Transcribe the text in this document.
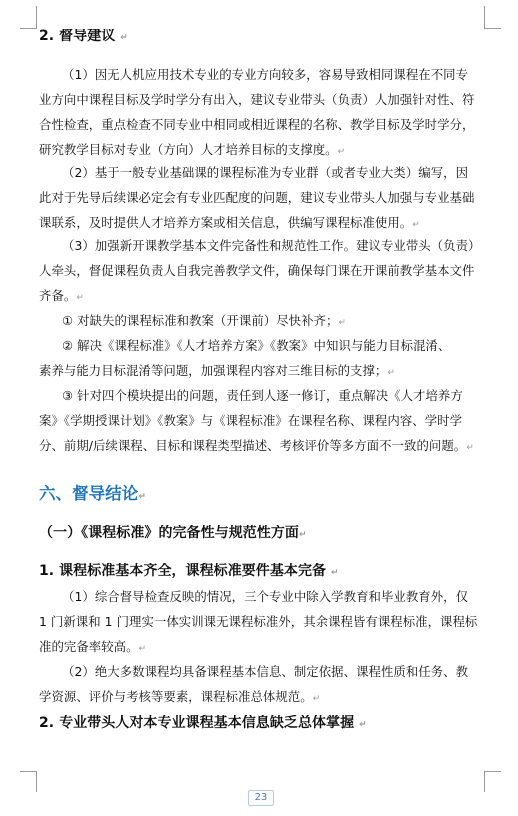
2. 督导建议 ↵
（1）因无人机应用技术专业的专业方向较多，容易导致相同课程在不同专
业方向中课程目标及学时学分有出入，建议专业带头（负责）人加强针对性、符
合性检查，重点检查不同专业中相同或相近课程的名称、教学目标及学时学分，
研究教学目标对专业（方向）人才培养目标的支撑度。↵
（2）基于一般专业基础课的课程标准为专业群（或者专业大类）编写，因
此对于先导后续课必定会有专业匹配度的问题，建议专业带头人加强与专业基础
课联系，及时提供人才培养方案或相关信息，供编写课程标准使用。↵
（3）加强新开课教学基本文件完备性和规范性工作。建议专业带头（负责）
人牵头，督促课程负责人自我完善教学文件，确保每门课在开课前教学基本文件
齐备。↵
① 对缺失的课程标准和教案（开课前）尽快补齐；↵
② 解决《课程标准》《人才培养方案》《教案》中知识与能力目标混淆、
素养与能力目标混淆等问题，加强课程内容对三维目标的支撑；↵
③ 针对四个模块提出的问题，责任到人逐一修订，重点解决《人才培养方
案》《学期授课计划》《教案》与《课程标准》在课程名称、课程内容、学时学
分、前期/后续课程、目标和课程类型描述、考核评价等多方面不一致的问题。↵
六、督导结论↵
（一）《课程标准》的完备性与规范性方面↵
1. 课程标准基本齐全，课程标准要件基本完备 ↵
（1）综合督导检查反映的情况，三个专业中除入学教育和毕业教育外，仅
1 门新课和 1 门理实一体实训课无课程标准外，其余课程皆有课程标准，课程标
准的完备率较高。↵
（2）绝大多数课程均具备课程基本信息、制定依据、课程性质和任务、教
学资源、评价与考核等要素，课程标准总体规范。↵
2. 专业带头人对本专业课程基本信息缺乏总体掌握 ↵
23
